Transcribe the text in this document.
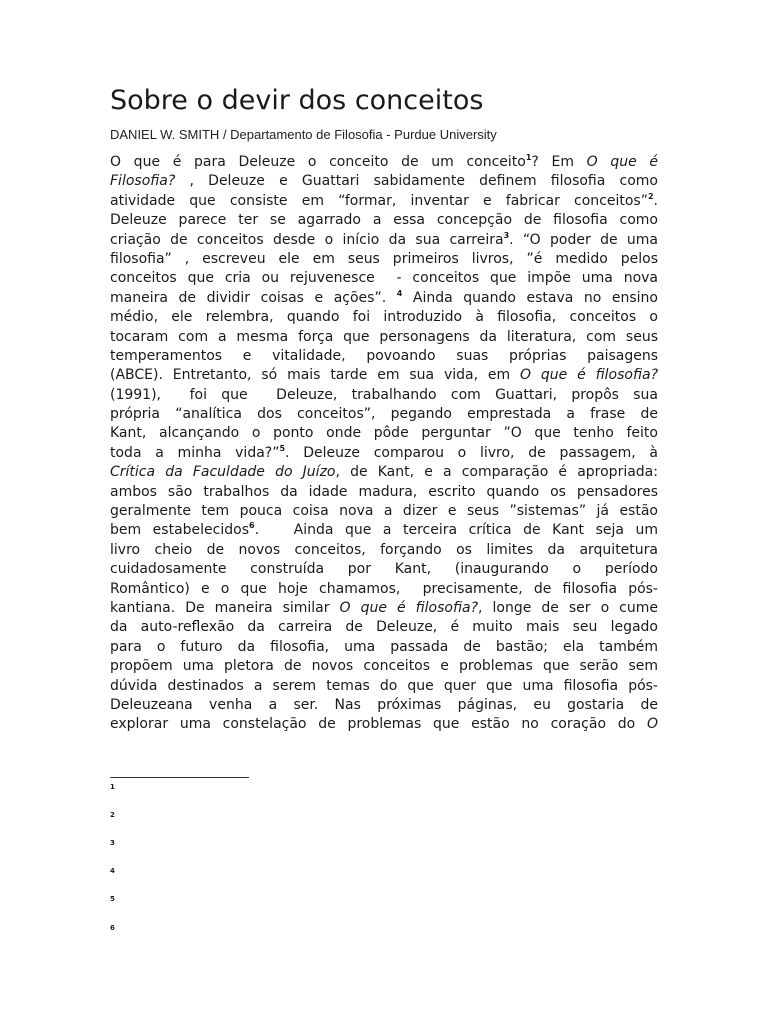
Sobre o devir dos conceitos
DANIEL W. SMITH / Departamento de Filosofia - Purdue University
O que é para Deleuze o conceito de um conceito$^1$? Em O que é
Filosofia? , Deleuze e Guattari sabidamente definem filosofia como
atividade que consiste em “formar, inventar e fabricar conceitos”$^2$.
Deleuze parece ter se agarrado a essa concepção de filosofia como
criação de conceitos desde o início da sua carreira$^3$. “O poder de uma
filosofia” , escreveu ele em seus primeiros livros, ”é medido pelos
conceitos que cria ou rejuvenesce  - conceitos que impõe uma nova
maneira de dividir coisas e ações”. $^4$ Ainda quando estava no ensino
médio, ele relembra, quando foi introduzido à filosofia, conceitos o
tocaram com a mesma força que personagens da literatura, com seus
temperamentos e vitalidade, povoando suas próprias paisagens
(ABCE). Entretanto, só mais tarde em sua vida, em O que é filosofia?
(1991),  foi que  Deleuze, trabalhando com Guattari, propôs sua
própria “analítica dos conceitos”, pegando emprestada a frase de
Kant, alcançando o ponto onde pôde perguntar ”O que tenho feito
toda a minha vida?”$^5$. Deleuze comparou o livro, de passagem, à
Crítica da Faculdade do Juízo, de Kant, e a comparação é apropriada:
ambos são trabalhos da idade madura, escrito quando os pensadores
geralmente tem pouca coisa nova a dizer e seus ”sistemas” já estão
bem estabelecidos$^6$.   Ainda que a terceira crítica de Kant seja um
livro cheio de novos conceitos, forçando os limites da arquitetura
cuidadosamente construída por Kant, (inaugurando o período
Romântico) e o que hoje chamamos,  precisamente, de filosofia pós-
kantiana. De maneira similar O que é filosofia?, longe de ser o cume
da auto-reflexão da carreira de Deleuze, é muito mais seu legado
para o futuro da filosofia, uma passada de bastão; ela também
propõem uma pletora de novos conceitos e problemas que serão sem
dúvida destinados a serem temas do que quer que uma filosofia pós-
Deleuzeana venha a ser. Nas próximas páginas, eu gostaria de
explorar uma constelação de problemas que estão no coração do O
1
2
3
4
5
6
